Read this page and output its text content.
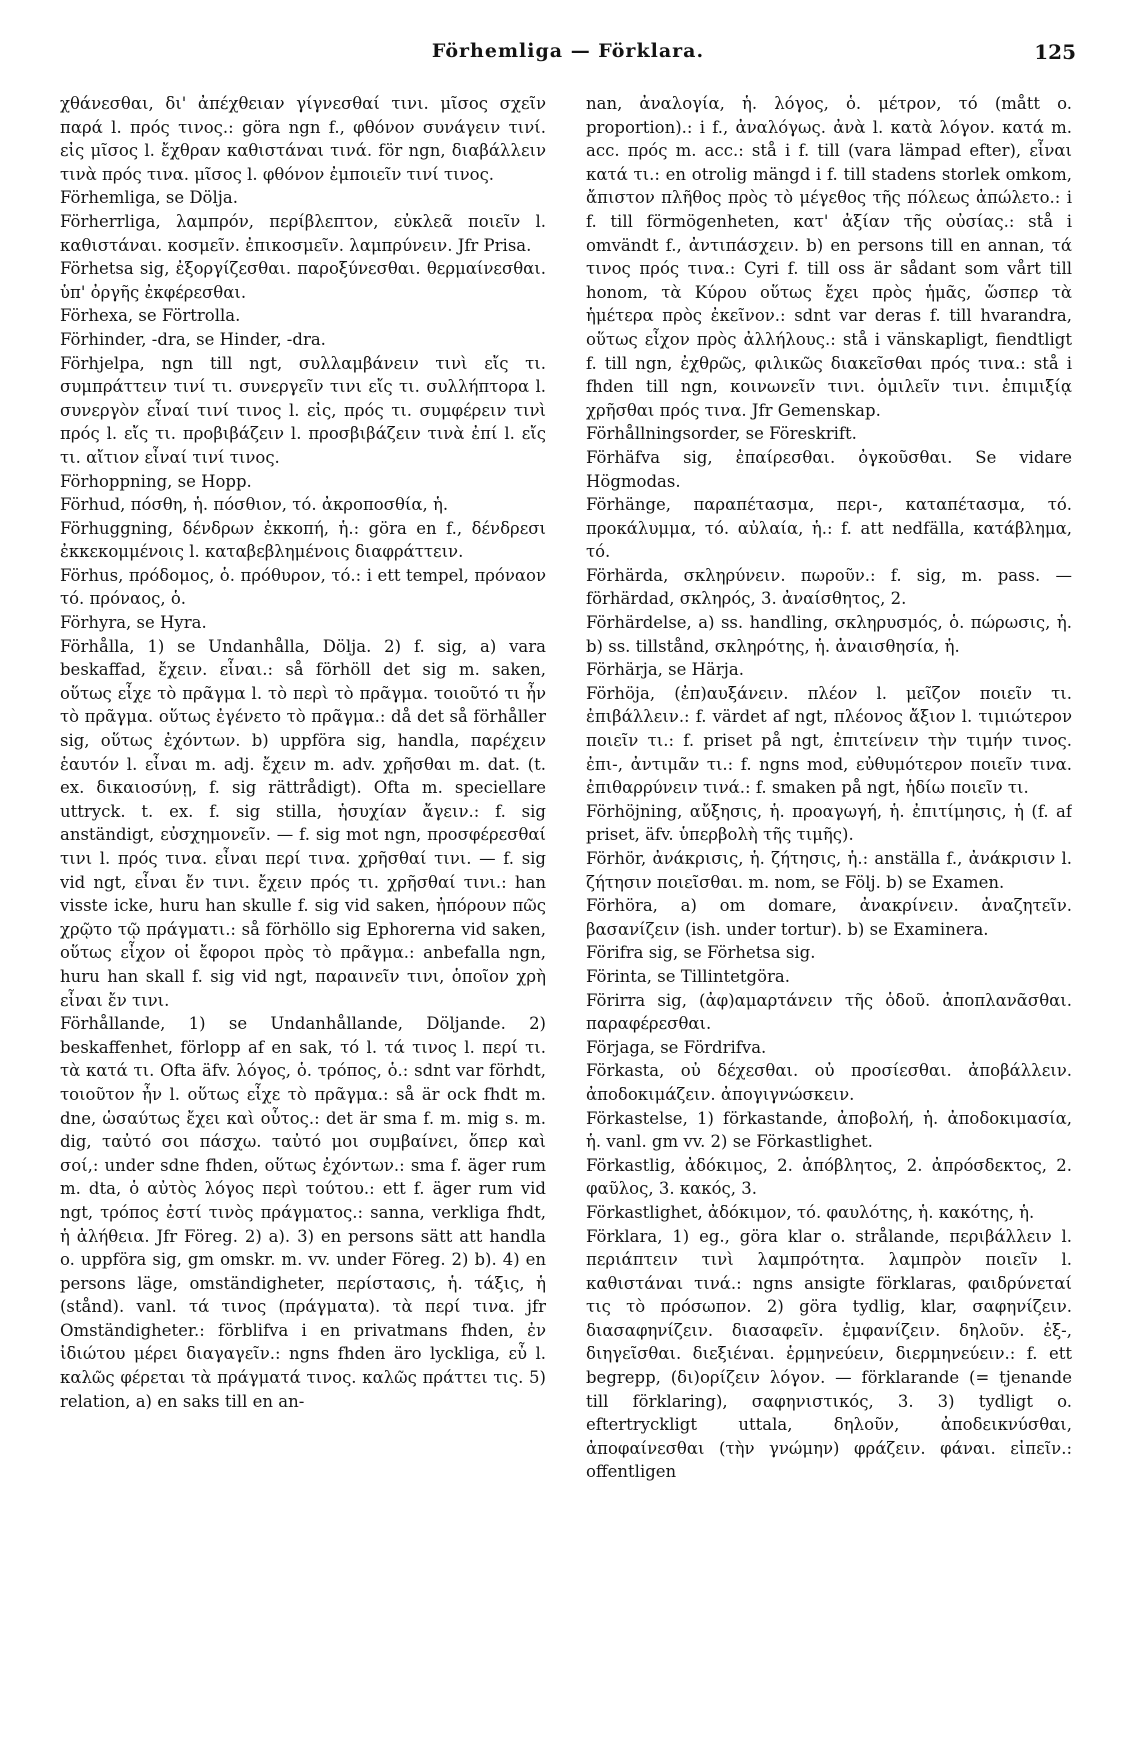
Förhemliga — Förklara.	125

χθάνεσθαι, δι' ἀπέχθειαν γίγνεσθαί τινι. μῖσος σχεῖν παρά l. πρός τινος.: göra ngn f., φθόνον συνάγειν τινί. εἰς μῖσος l. ἔχθραν καθιστάναι τινά. för ngn, διαβάλλειν τινὰ πρός τινα. μῖσος l. φθόνον ἐμποιεῖν τινί τινος.

Förhemliga, se Dölja.

Förherrliga, λαμπρόν, περίβλεπτον, εὐκλεᾶ ποιεῖν l. καθιστάναι. κοσμεῖν. ἐπικοσμεῖν. λαμπρύνειν. Jfr Prisa.

Förhetsa sig, ἐξοργίζεσθαι. παροξύνεσθαι. θερμαίνεσθαι. ὑπ' ὀργῆς ἐκφέρεσθαι.

Förhexa, se Förtrolla.

Förhinder, -dra, se Hinder, -dra.

Förhjelpa, ngn till ngt, συλλαμβάνειν τινὶ εἴς τι. συμπράττειν τινί τι. συνεργεῖν τινι εἴς τι. συλλήπτορα l. συνεργὸν εἶναί τινί τινος l. εἰς, πρός τι. συμφέρειν τινὶ πρός l. εἴς τι. προβιβάζειν l. προσβιβάζειν τινὰ ἐπί l. εἴς τι. αἴτιον εἶναί τινί τινος.

Förhoppning, se Hopp.

Förhud, πόσθη, ἡ. πόσθιον, τό. ἀκροποσθία, ἡ.

Förhuggning, δένδρων ἐκκοπή, ἡ.: göra en f., δένδρεσι ἐκκεκομμένοις l. καταβεβλημένοις διαφράττειν.

Förhus, πρόδομος, ὁ. πρόθυρον, τό.: i ett tempel, πρόναον τό. πρόναος, ὁ.

Förhyra, se Hyra.

Förhålla, 1) se Undanhålla, Dölja. 2) f. sig, a) vara beskaffad, ἔχειν. εἶναι.: så förhöll det sig m. saken, οὕτως εἶχε τὸ πρᾶγμα l. τὸ περὶ τὸ πρᾶγμα. τοιοῦτό τι ἦν τὸ πρᾶγμα. οὕτως ἐγένετο τὸ πρᾶγμα.: då det så förhåller sig, οὕτως ἐχόντων. b) uppföra sig, handla, παρέχειν ἑαυτόν l. εἶναι m. adj. ἔχειν m. adv. χρῆσθαι m. dat. (t. ex. δικαιοσύνῃ, f. sig rättrådigt). Ofta m. speciellare uttryck. t. ex. f. sig stilla, ἡσυχίαν ἄγειν.: f. sig anständigt, εὐσχημονεῖν. — f. sig mot ngn, προσφέρεσθαί τινι l. πρός τινα. εἶναι περί τινα. χρῆσθαί τινι. — f. sig vid ngt, εἶναι ἔν τινι. ἔχειν πρός τι. χρῆσθαί τινι.: han visste icke, huru han skulle f. sig vid saken, ἠπόρουν πῶς χρῷτο τῷ πράγματι.: så förhöllo sig Ephorerna vid saken, οὕτως εἶχον οἱ ἔφοροι πρὸς τὸ πρᾶγμα.: anbefalla ngn, huru han skall f. sig vid ngt, παραινεῖν τινι, ὁποῖον χρὴ εἶναι ἔν τινι.

Förhållande, 1) se Undanhållande, Döljande. 2) beskaffenhet, förlopp af en sak, τό l. τά τινος l. περί τι. τὰ κατά τι. Ofta äfv. λόγος, ὁ. τρόπος, ὁ.: sdnt var förhdt, τοιοῦτον ἦν l. οὕτως εἶχε τὸ πρᾶγμα.: så är ock fhdt m. dne, ὡσαύτως ἔχει καὶ οὗτος.: det är sma f. m. mig s. m. dig, ταὐτό σοι πάσχω. ταὐτό μοι συμβαίνει, ὅπερ καὶ σοί,: under sdne fhden, οὕτως ἐχόντων.: sma f. äger rum m. dta, ὁ αὐτὸς λόγος περὶ τούτου.: ett f. äger rum vid ngt, τρόπος ἐστί τινὸς πράγματος.: sanna, verkliga fhdt, ἡ ἀλήθεια. Jfr Föreg. 2) a). 3) en persons sätt att handla o. uppföra sig, gm omskr. m. vv. under Föreg. 2) b). 4) en persons läge, omständigheter, περίστασις, ἡ. τάξις, ἡ (stånd). vanl. τά τινος (πράγματα). τὰ περί τινα. jfr Omständigheter.: förblifva i en privatmans fhden, ἐν ἰδιώτου μέρει διαγαγεῖν.: ngns fhden äro lyckliga, εὖ l. καλῶς φέρεται τὰ πράγματά τινος. καλῶς πράττει τις. 5) relation, a) en saks till en an-

nan, ἀναλογία, ἡ. λόγος, ὁ. μέτρον, τό (mått o. proportion).: i f., ἀναλόγως. ἀνὰ l. κατὰ λόγον. κατά m. acc. πρός m. acc.: stå i f. till (vara lämpad efter), εἶναι κατά τι.: en otrolig mängd i f. till stadens storlek omkom, ἄπιστον πλῆθος πρὸς τὸ μέγεθος τῆς πόλεως ἀπώλετο.: i f. till förmögenheten, κατ' ἀξίαν τῆς οὐσίας.: stå i omvändt f., ἀντιπάσχειν. b) en persons till en annan, τά τινος πρός τινα.: Cyri f. till oss är sådant som vårt till honom, τὰ Κύρου οὕτως ἔχει πρὸς ἡμᾶς, ὥσπερ τὰ ἡμέτερα πρὸς ἐκεῖνον.: sdnt var deras f. till hvarandra, οὕτως εἶχον πρὸς ἀλλήλους.: stå i vänskapligt, fiendtligt f. till ngn, ἐχθρῶς, φιλικῶς διακεῖσθαι πρός τινα.: stå i fhden till ngn, κοινωνεῖν τινι. ὁμιλεῖν τινι. ἐπιμιξίᾳ χρῆσθαι πρός τινα. Jfr Gemenskap.

Förhållningsorder, se Föreskrift.

Förhäfva sig, ἐπαίρεσθαι. ὀγκοῦσθαι. Se vidare Högmodas.

Förhänge, παραπέτασμα, περι-, καταπέτασμα, τό. προκάλυμμα, τό. αὐλαία, ἡ.: f. att nedfälla, κατάβλημα, τό.

Förhärda, σκληρύνειν. πωροῦν.: f. sig, m. pass. — förhärdad, σκληρός, 3. ἀναίσθητος, 2.

Förhärdelse, a) ss. handling, σκληρυσμός, ὁ. πώρωσις, ἡ. b) ss. tillstånd, σκληρότης, ἡ. ἀναισθησία, ἡ.

Förhärja, se Härja.

Förhöja, (ἐπ)αυξάνειν. πλέον l. μεῖζον ποιεῖν τι. ἐπιβάλλειν.: f. värdet af ngt, πλέονος ἄξιον l. τιμιώτερον ποιεῖν τι.: f. priset på ngt, ἐπιτείνειν τὴν τιμήν τινος. ἐπι-, ἀντιμᾶν τι.: f. ngns mod, εὐθυμότερον ποιεῖν τινα. ἐπιθαρρύνειν τινά.: f. smaken på ngt, ἡδίω ποιεῖν τι.

Förhöjning, αὔξησις, ἡ. προαγωγή, ἡ. ἐπιτίμησις, ἡ (f. af priset, äfv. ὑπερβολὴ τῆς τιμῆς).

Förhör, ἀνάκρισις, ἡ. ζήτησις, ἡ.: anställa f., ἀνάκρισιν l. ζήτησιν ποιεῖσθαι. m. nom, se Följ. b) se Examen.

Förhöra, a) om domare, ἀνακρίνειν. ἀναζητεῖν. βασανίζειν (ish. under tortur). b) se Examinera.

Förifra sig, se Förhetsa sig.

Förinta, se Tillintetgöra.

Förirra sig, (ἀφ)αμαρτάνειν τῆς ὁδοῦ. ἀποπλανᾶσθαι. παραφέρεσθαι.

Förjaga, se Fördrifva.

Förkasta, οὐ δέχεσθαι. οὐ προσίεσθαι. ἀποβάλλειν. ἀποδοκιμάζειν. ἀπογιγνώσκειν.

Förkastelse, 1) förkastande, ἀποβολή, ἡ. ἀποδοκιμασία, ἡ. vanl. gm vv. 2) se Förkastlighet.

Förkastlig, ἀδόκιμος, 2. ἀπόβλητος, 2. ἀπρόσδεκτος, 2. φαῦλος, 3. κακός, 3.

Förkastlighet, ἀδόκιμον, τό. φαυλότης, ἡ. κακότης, ἡ.

Förklara, 1) eg., göra klar o. strålande, περιβάλλειν l. περιάπτειν τινὶ λαμπρότητα. λαμπρὸν ποιεῖν l. καθιστάναι τινά.: ngns ansigte förklaras, φαιδρύνεταί τις τὸ πρόσωπον. 2) göra tydlig, klar, σαφηνίζειν. διασαφηνίζειν. διασαφεῖν. ἐμφανίζειν. δηλοῦν. ἐξ-, διηγεῖσθαι. διεξιέναι. ἑρμηνεύειν, διερμηνεύειν.: f. ett begrepp, (δι)ορίζειν λόγον. — förklarande (= tjenande till förklaring), σαφηνιστικός, 3. 3) tydligt o. eftertryckligt uttala, δηλοῦν, ἀποδεικνύσθαι, ἀποφαίνεσθαι (τὴν γνώμην) φράζειν. φάναι. εἰπεῖν.: offentligen
